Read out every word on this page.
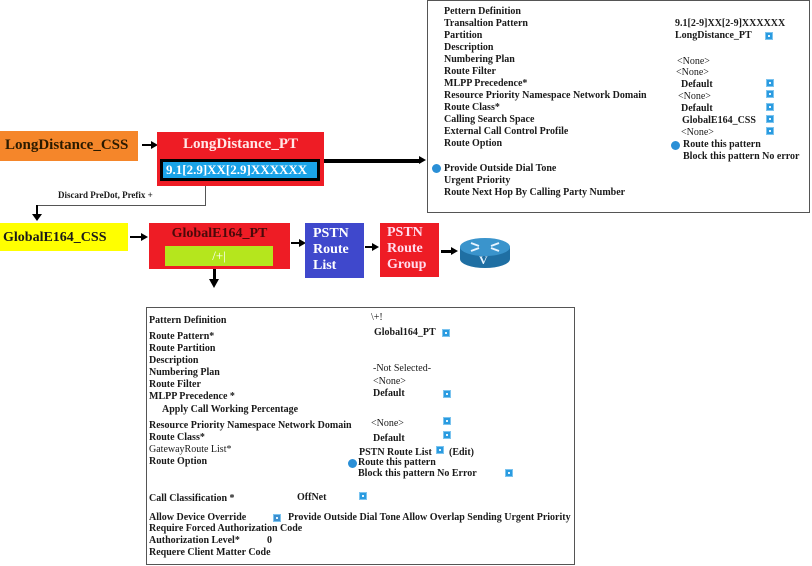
Pettern Definition
Transaltion Pattern	9.1[2-9]XX[2-9]XXXXXX
Partition	LongDistance_PT
Description
Numbering Plan	<None>
Route Filter	<None>
MLPP Precedence*	Default
Resource Priority Namespace Network Domain	<None>
Route Class*	Default
Calling Search Space	GlobalE164_CSS
External Call Control Profile	<None>
Route Option	Route this pattern
Block this pattern No error
Provide Outside Dial Tone
Urgent Priority
Route Next Hop By Calling Party Number
LongDistance_CSS	LongDistance_PT
9.1[2.9]XX[2.9]XXXXXX
Discard PreDot, Prefix +
GlobalE164_CSS	GlobalE164_PT
/+|
PSTN
Route
List
PSTN
Route
Group	V
Pattern Definition	\+!
Route Pattern*	Global164_PT
Route Partition
Description
Numbering Plan	-Not Selected-
Route Filter	<None>
MLPP Precedence *	Default
Apply Call Working Percentage
Resource Priority Namespace Network Domain <None>
Route Class*	Default
GatewayRoute List*	PSTN Route List (Edit)
Route Option	Route this pattern
Block this pattern No Error
Call Classification *	OffNet
Allow Device Override	Provide Outside Dial Tone Allow Overlap Sending Urgent Priority
Require Forced Authorization Code
Authorization Level*	0
Requere Client Matter Code
